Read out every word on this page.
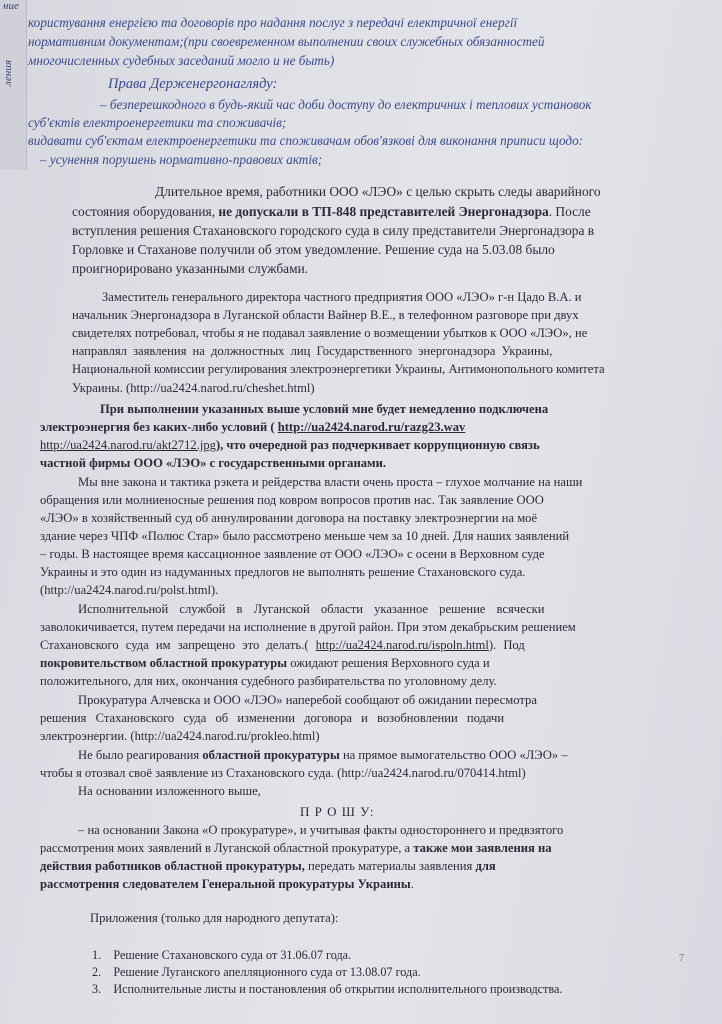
ние
ления
користування енергією та договорів про надання послуг з передачі електричної енергії
нормативним документам;(при своевременном выполнении своих служебных обязанностей
многочисленных судебных заседаний могло и не быть)
Права Держенергонагляду:
– безперешкодного в будь-який час доби доступу до електричних і теплових установок
суб'єктів електроенергетики та споживачів;
видавати суб'єктам електроенергетики та споживачам обов'язкові для виконання приписи щодо:
– усунення порушень нормативно-правових актів;
Длительное время, работники ООО «ЛЭО» с целью скрыть следы аварийного
состояния оборудования, не допускали в ТП-848 представителей Энергонадзора. После
вступления решения Стахановского городского суда в силу представители Энергонадзора в
Горловке и Стаханове получили об этом уведомление. Решение суда на 5.03.08 было
проигнорировано указанными службами.
Заместитель генерального директора частного предприятия ООО «ЛЭО» г-н Цадо В.А. и
начальник Энергонадзора в Луганской области Вайнер В.Е., в телефонном разговоре при двух
свидетелях потребовал, чтобы я не подавал заявление о возмещении убытков к ООО «ЛЭО», не
направлял заявления на должностных лиц Государственного энергонадзора Украины,
Национальной комиссии регулирования электроэнергетики Украины, Антимонопольного комитета
Украины. (http://ua2424.narod.ru/cheshet.html)
При выполнении указанных выше условий мне будет немедленно подключена
электроэнергия без каких-либо условий ( http://ua2424.narod.ru/razg23.wav
http://ua2424.narod.ru/akt2712.jpg), что очередной раз подчеркивает коррупционную связь
частной фирмы ООО «ЛЭО» с государственными органами.
Мы вне закона и тактика рэкета и рейдерства власти очень проста – глухое молчание на наши
обращения или молниеносные решения под ковром вопросов против нас. Так заявление ООО
«ЛЭО» в хозяйственный суд об аннулировании договора на поставку электроэнергии на моё
здание через ЧПФ «Полюс Стар» было рассмотрено меньше чем за 10 дней. Для наших заявлений
– годы. В настоящее время кассационное заявление от ООО «ЛЭО» с осени в Верховном суде
Украины и это один из надуманных предлогов не выполнять решение Стахановского суда.
(http://ua2424.narod.ru/polst.html).
Исполнительной службой в Луганской области указанное решение всячески
заволокичивается, путем передачи на исполнение в другой район. При этом декабрьским решением
Стахановского суда им запрещено это делать.( http://ua2424.narod.ru/ispoln.html). Под
покровительством областной прокуратуры ожидают решения Верховного суда и
положительного, для них, окончания судебного разбирательства по уголовному делу.
Прокуратура Алчевска и ООО «ЛЭО» наперебой сообщают об ожидании пересмотра
решения Стахановского суда об изменении договора и возобновлении подачи
электроэнергии. (http://ua2424.narod.ru/prokleo.html)
Не было реагирования областной прокуратуры на прямое вымогательство ООО «ЛЭО» –
чтобы я отозвал своё заявление из Стахановского суда. (http://ua2424.narod.ru/070414.html)
На основании изложенного выше,
П Р О Ш У:
– на основании Закона «О прокуратуре», и учитывая факты одностороннего и предвзятого
рассмотрения моих заявлений в Луганской областной прокуратуре, а также мои заявления на
действия работников областной прокуратуры, передать материалы заявления для
рассмотрения следователем Генеральной прокуратуры Украины.
Приложения (только для народного депутата):
1. Решение Стахановского суда от 31.06.07 года.
2. Решение Луганского апелляционного суда от 13.08.07 года.
3. Исполнительные листы и постановления об открытии исполнительного производства.
7
